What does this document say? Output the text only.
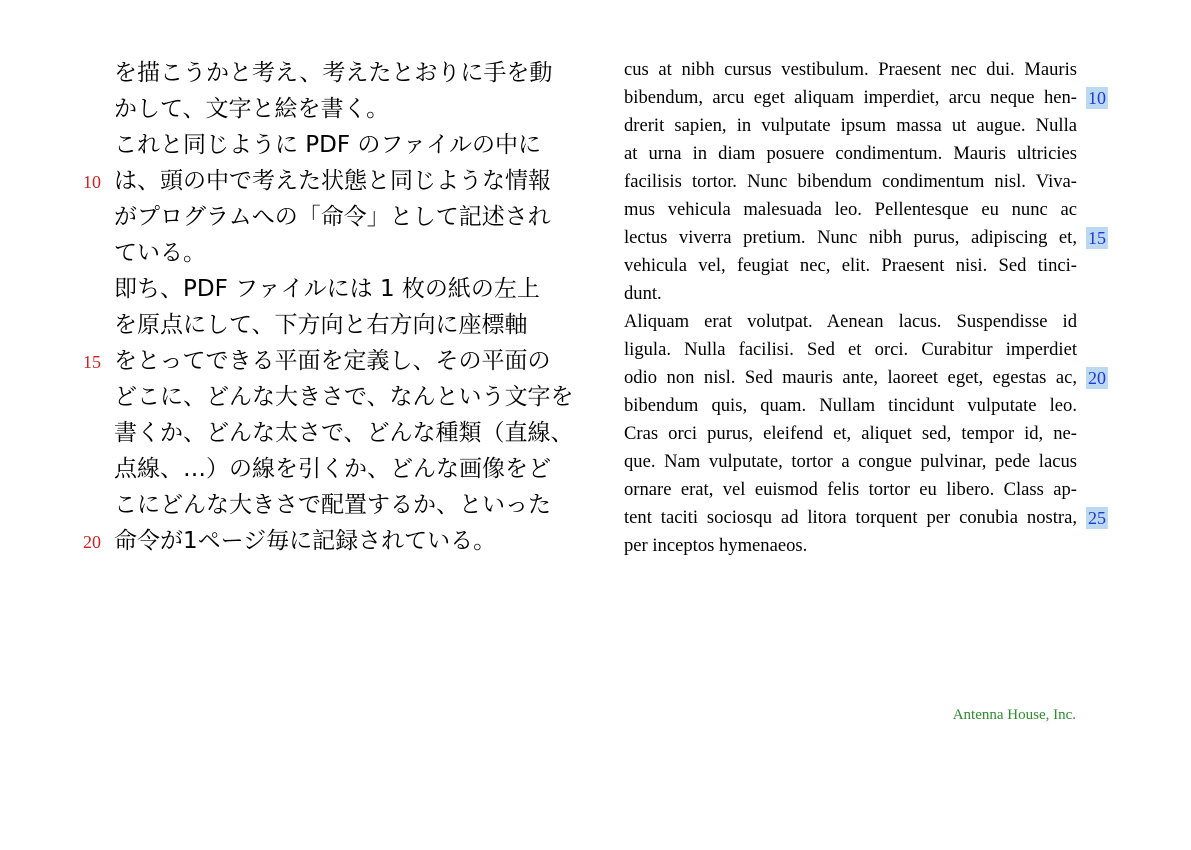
を描こうかと考え、考えたとおりに手を動
かして、文字と絵を書く。
これと同じように PDF のファイルの中に
10 は、頭の中で考えた状態と同じような情報
がプログラムへの「命令」として記述され
ている。
即ち、PDF ファイルには 1 枚の紙の左上
を原点にして、下方向と右方向に座標軸
15 をとってできる平面を定義し、その平面の
どこに、どんな大きさで、なんという文字を
書くか、どんな太さで、どんな種類（直線、
点線、…）の線を引くか、どんな画像をど
こにどんな大きさで配置するか、といった
20 命令が1ページ毎に記録されている。
cus at nibh cursus vestibulum. Praesent nec dui. Mauris
bibendum, arcu eget aliquam imperdiet, arcu neque hen- 10
drerit sapien, in vulputate ipsum massa ut augue. Nulla
at urna in diam posuere condimentum. Mauris ultricies
facilisis tortor. Nunc bibendum condimentum nisl. Viva-
mus vehicula malesuada leo. Pellentesque eu nunc ac
lectus viverra pretium. Nunc nibh purus, adipiscing et, 15
vehicula vel, feugiat nec, elit. Praesent nisi. Sed tinci-
dunt.
Aliquam erat volutpat. Aenean lacus. Suspendisse id
ligula. Nulla facilisi. Sed et orci. Curabitur imperdiet
odio non nisl. Sed mauris ante, laoreet eget, egestas ac, 20
bibendum quis, quam. Nullam tincidunt vulputate leo.
Cras orci purus, eleifend et, aliquet sed, tempor id, ne-
que. Nam vulputate, tortor a congue pulvinar, pede lacus
ornare erat, vel euismod felis tortor eu libero. Class ap-
tent taciti sociosqu ad litora torquent per conubia nostra, 25
per inceptos hymenaeos.
Antenna House, Inc.
